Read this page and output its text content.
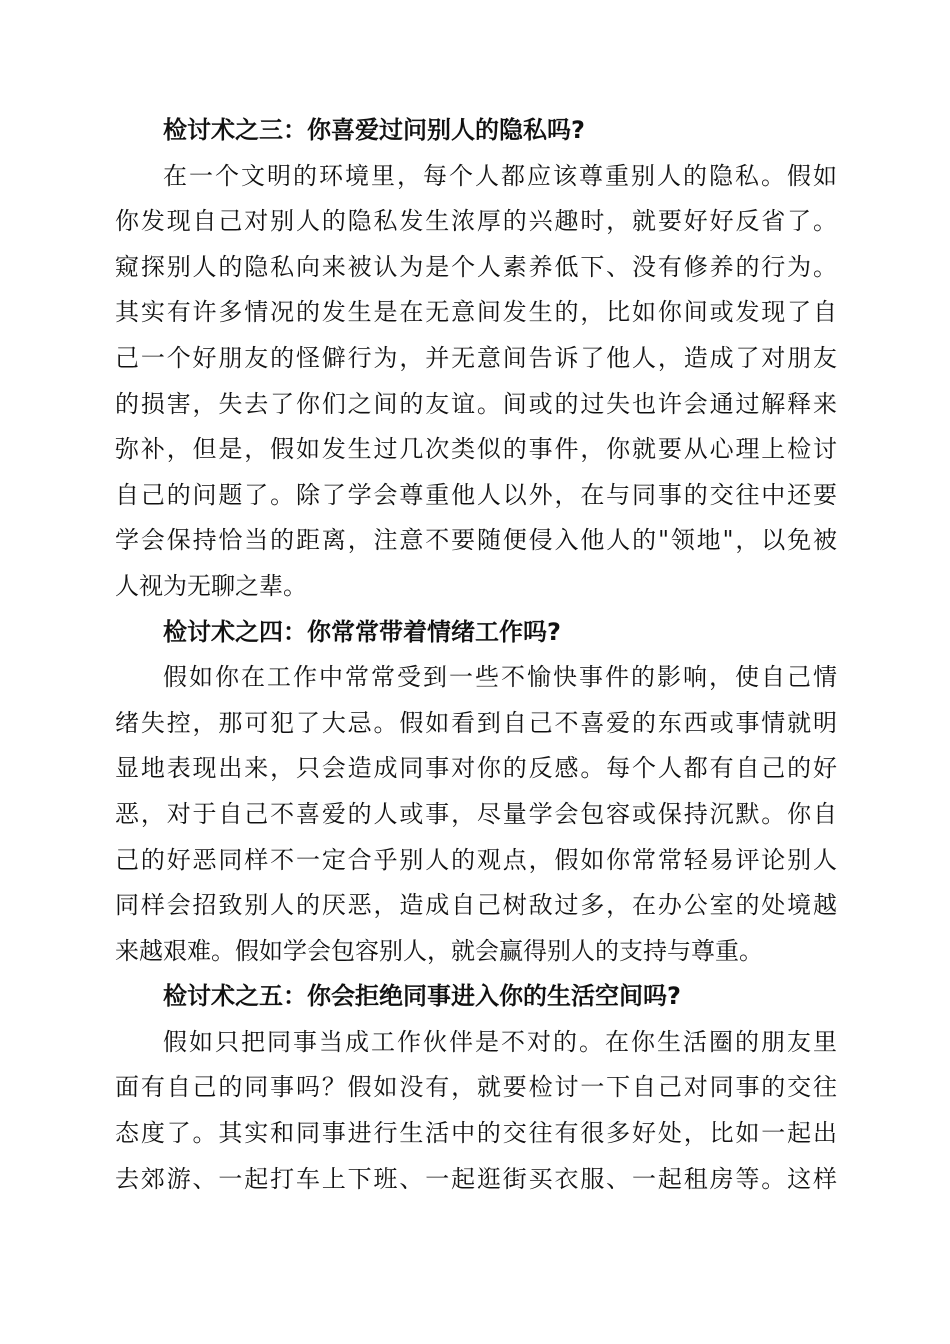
检讨术之三：你喜爱过问别人的隐私吗?
在一个文明的环境里，每个人都应该尊重别人的隐私。假如
你发现自己对别人的隐私发生浓厚的兴趣时，就要好好反省了。
窥探别人的隐私向来被认为是个人素养低下、没有修养的行为。
其实有许多情况的发生是在无意间发生的，比如你间或发现了自
己一个好朋友的怪僻行为，并无意间告诉了他人，造成了对朋友
的损害，失去了你们之间的友谊。间或的过失也许会通过解释来
弥补，但是，假如发生过几次类似的事件，你就要从心理上检讨
自己的问题了。除了学会尊重他人以外，在与同事的交往中还要
学会保持恰当的距离，注意不要随便侵入他人的"领地"，以免被
人视为无聊之辈。
检讨术之四：你常常带着情绪工作吗?
假如你在工作中常常受到一些不愉快事件的影响，使自己情
绪失控，那可犯了大忌。假如看到自己不喜爱的东西或事情就明
显地表现出来，只会造成同事对你的反感。每个人都有自己的好
恶，对于自己不喜爱的人或事，尽量学会包容或保持沉默。你自
己的好恶同样不一定合乎别人的观点，假如你常常轻易评论别人
同样会招致别人的厌恶，造成自己树敌过多，在办公室的处境越
来越艰难。假如学会包容别人，就会赢得别人的支持与尊重。
检讨术之五：你会拒绝同事进入你的生活空间吗?
假如只把同事当成工作伙伴是不对的。在你生活圈的朋友里
面有自己的同事吗？假如没有，就要检讨一下自己对同事的交往
态度了。其实和同事进行生活中的交往有很多好处，比如一起出
去郊游、一起打车上下班、一起逛街买衣服、一起租房等。这样
